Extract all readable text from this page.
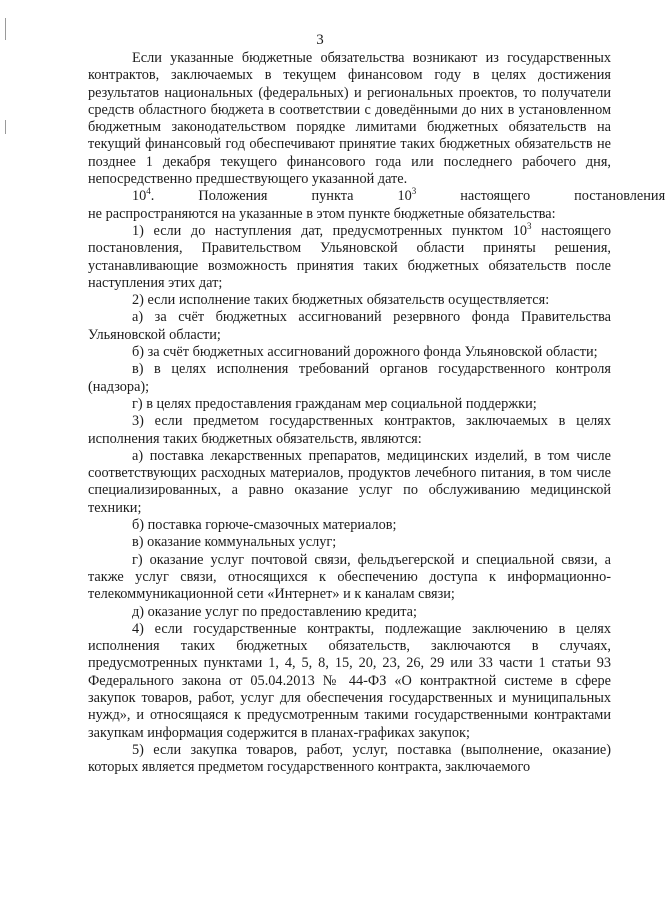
3

Если указанные бюджетные обязательства возникают из государственных контрактов, заключаемых в текущем финансовом году в целях достижения результатов национальных (федеральных) и региональных проектов, то получатели средств областного бюджета в соответствии с доведёнными до них в установленном бюджетным законодательством порядке лимитами бюджетных обязательств на текущий финансовый год обеспечивают принятие таких бюджетных обязательств не позднее 1 декабря текущего финансового года или последнего рабочего дня, непосредственно предшествующего указанной дате.

$10^4$.	Положения	пункта	$10^3$	настоящего	постановления
не распространяются на указанные в этом пункте бюджетные обязательства:

1) если до наступления дат, предусмотренных пунктом $10^3$ настоящего постановления, Правительством Ульяновской области приняты решения, устанавливающие возможность принятия таких бюджетных обязательств после наступления этих дат;

2) если исполнение таких бюджетных обязательств осуществляется:

а) за счёт бюджетных ассигнований резервного фонда Правительства Ульяновской области;

б) за счёт бюджетных ассигнований дорожного фонда Ульяновской области;

в) в целях исполнения требований органов государственного контроля (надзора);

г) в целях предоставления гражданам мер социальной поддержки;

3) если предметом государственных контрактов, заключаемых в целях исполнения таких бюджетных обязательств, являются:

а) поставка лекарственных препаратов, медицинских изделий, в том числе соответствующих расходных материалов, продуктов лечебного питания, в том числе специализированных, а равно оказание услуг по обслуживанию медицинской техники;

б) поставка горюче-смазочных материалов;

в) оказание коммунальных услуг;

г) оказание услуг почтовой связи, фельдъегерской и специальной связи, а также услуг связи, относящихся к обеспечению доступа к информационно-телекоммуникационной сети «Интернет» и к каналам связи;

д) оказание услуг по предоставлению кредита;

4) если государственные контракты, подлежащие заключению в целях исполнения таких бюджетных обязательств, заключаются в случаях, предусмотренных пунктами 1, 4, 5, 8, 15, 20, 23, 26, 29 или 33 части 1 статьи 93 Федерального закона от 05.04.2013 № 44-ФЗ «О контрактной системе в сфере закупок товаров, работ, услуг для обеспечения государственных и муниципальных нужд», и относящаяся к предусмотренным такими государственными контрактами закупкам информация содержится в планах-графиках закупок;

5) если закупка товаров, работ, услуг, поставка (выполнение, оказание) которых является предметом государственного контракта, заключаемого
